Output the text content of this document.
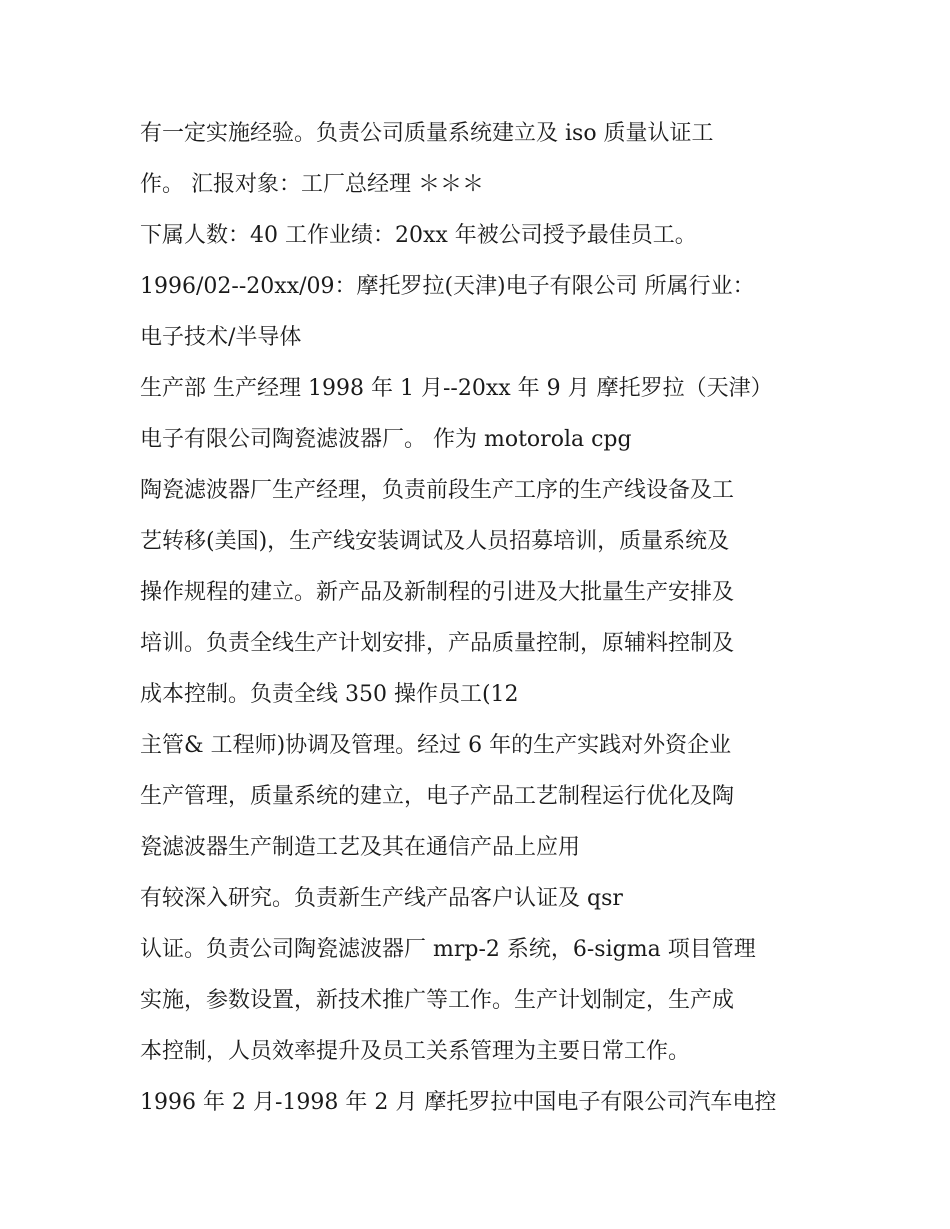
有一定实施经验。负责公司质量系统建立及 iso 质量认证工
作。 汇报对象：工厂总经理 ＊＊＊
下属人数：40 工作业绩：20xx 年被公司授予最佳员工。
1996/02--20xx/09：摩托罗拉(天津)电子有限公司 所属行业：
电子技术/半导体
生产部 生产经理 1998 年 1 月--20xx 年 9 月 摩托罗拉（天津）
电子有限公司陶瓷滤波器厂。 作为 motorola cpg
陶瓷滤波器厂生产经理，负责前段生产工序的生产线设备及工
艺转移(美国)，生产线安装调试及人员招募培训，质量系统及
操作规程的建立。新产品及新制程的引进及大批量生产安排及
培训。负责全线生产计划安排，产品质量控制，原辅料控制及
成本控制。负责全线 350 操作员工(12
主管& 工程师)协调及管理。经过 6 年的生产实践对外资企业
生产管理，质量系统的建立，电子产品工艺制程运行优化及陶
瓷滤波器生产制造工艺及其在通信产品上应用
有较深入研究。负责新生产线产品客户认证及 qsr
认证。负责公司陶瓷滤波器厂 mrp-2 系统，6-sigma 项目管理
实施，参数设置，新技术推广等工作。生产计划制定，生产成
本控制，人员效率提升及员工关系管理为主要日常工作。
1996 年 2 月-1998 年 2 月 摩托罗拉中国电子有限公司汽车电控
